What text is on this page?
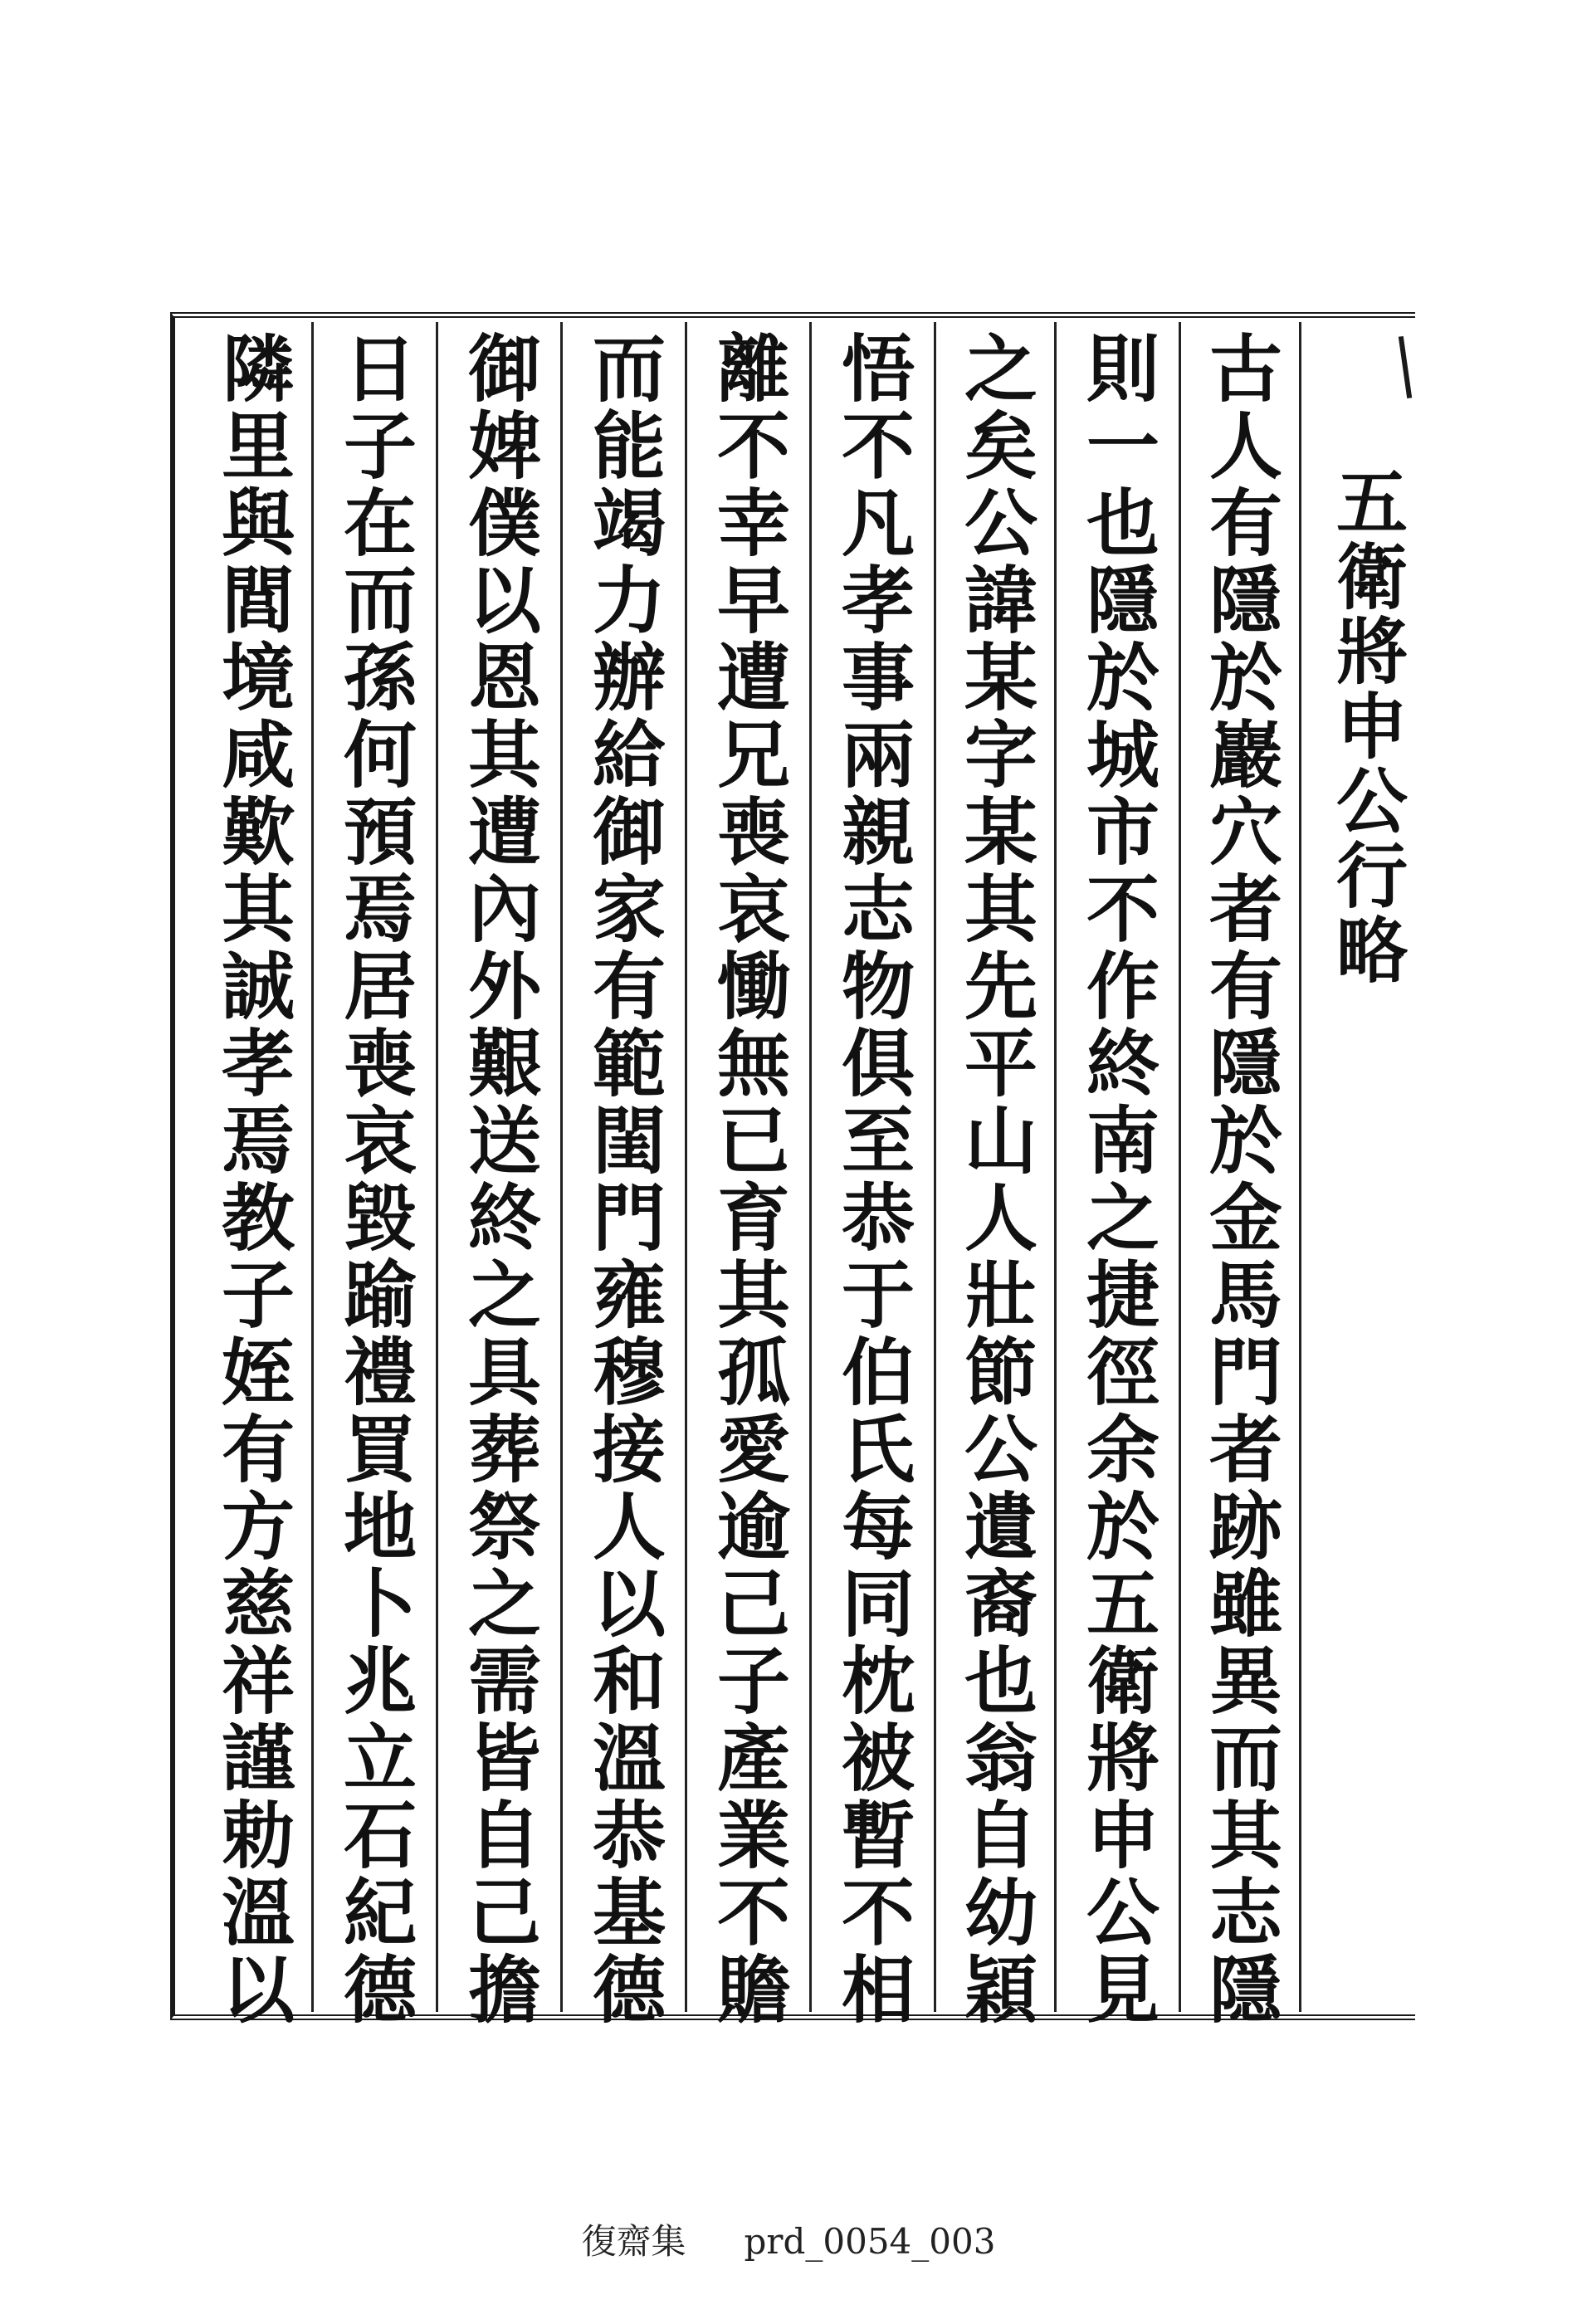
五衛將申公行略
古人有隱於巖穴者有隱於金馬門者跡雖異而其志隱
則一也隱於城市不作終南之捷徑余於五衛將申公見
之矣公諱某字某其先平山人壯節公遺裔也翁自幼穎
悟不凡孝事兩親志物俱至恭于伯氏每同枕被暫不相
離不幸早遭兄喪哀慟無已育其孤愛逾己子產業不贍
而能竭力辦給御家有範閨門雍穆接人以和溫恭基德
御婢僕以恩其遭內外艱送終之具葬祭之需皆自己擔
日子在而孫何預焉居喪哀毀踰禮買地卜兆立石紀德
隣里與閭境咸歎其誠孝焉教子姪有方慈祥謹勅溫以
復齋集 prd_0054_003
